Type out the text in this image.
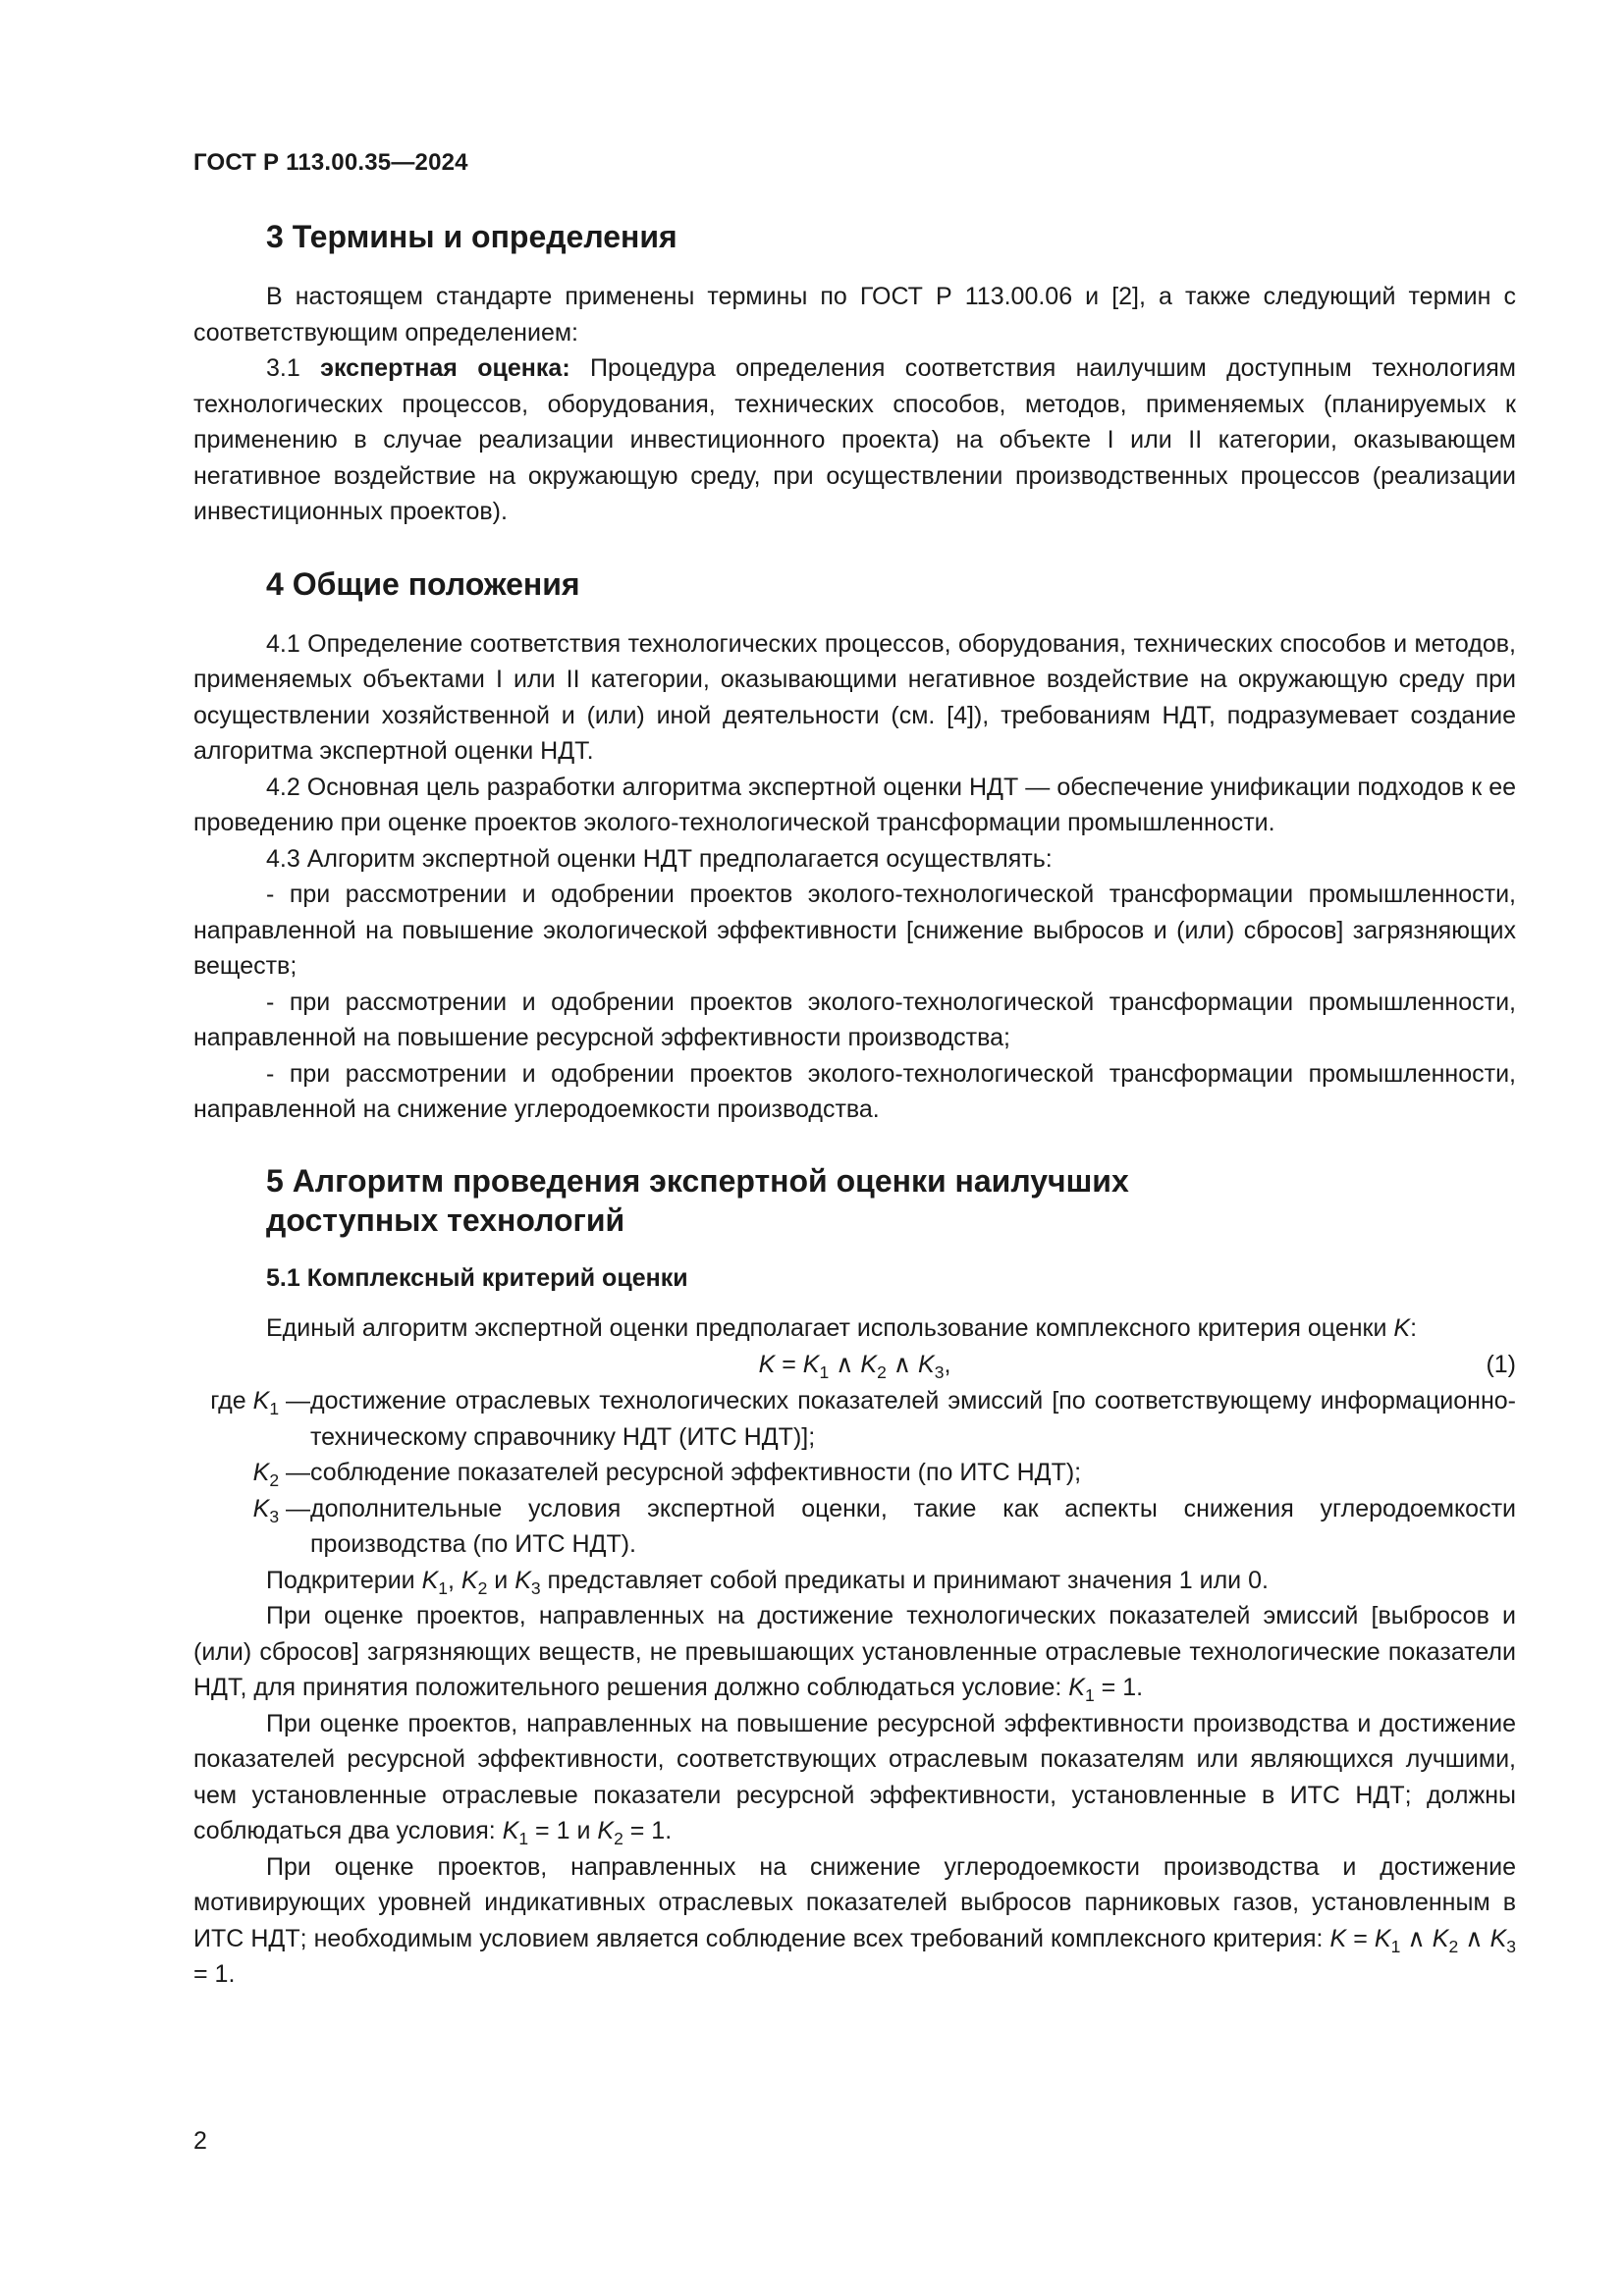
ГОСТ Р 113.00.35—2024
3 Термины и определения

В настоящем стандарте применены термины по ГОСТ Р 113.00.06 и [2], а также следующий термин с соответствующим определением:

3.1 экспертная оценка: Процедура определения соответствия наилучшим доступным технологиям технологических процессов, оборудования, технических способов, методов, применяемых (планируемых к применению в случае реализации инвестиционного проекта) на объекте I или II категории, оказывающем негативное воздействие на окружающую среду, при осуществлении производственных процессов (реализации инвестиционных проектов).

4 Общие положения

4.1 Определение соответствия технологических процессов, оборудования, технических способов и методов, применяемых объектами I или II категории, оказывающими негативное воздействие на окружающую среду при осуществлении хозяйственной и (или) иной деятельности (см. [4]), требованиям НДТ, подразумевает создание алгоритма экспертной оценки НДТ.

4.2 Основная цель разработки алгоритма экспертной оценки НДТ — обеспечение унификации подходов к ее проведению при оценке проектов эколого-технологической трансформации промышленности.

4.3 Алгоритм экспертной оценки НДТ предполагается осуществлять:

- при рассмотрении и одобрении проектов эколого-технологической трансформации промышленности, направленной на повышение экологической эффективности [снижение выбросов и (или) сбросов] загрязняющих веществ;

- при рассмотрении и одобрении проектов эколого-технологической трансформации промышленности, направленной на повышение ресурсной эффективности производства;

- при рассмотрении и одобрении проектов эколого-технологической трансформации промышленности, направленной на снижение углеродоемкости производства.

5 Алгоритм проведения экспертной оценки наилучших
доступных технологий
5.1 Комплексный критерий оценки

Единый алгоритм экспертной оценки предполагает использование комплексного критерия оценки K:

$K = K_1$ ∧ $K_2$ ∧ $K_3$,	(1)
где $K_1$ — достижение отраслевых технологических показателей эмиссий [по соответствующему информационно-техническому справочнику НДТ (ИТС НДТ)];
$K_2$ — соблюдение показателей ресурсной эффективности (по ИТС НДТ);
$K_3$ — дополнительные условия экспертной оценки, такие как аспекты снижения углеродоемкости производства (по ИТС НДТ).

Подкритерии $K_1$, $K_2$ и $K_3$ представляет собой предикаты и принимают значения 1 или 0.

При оценке проектов, направленных на достижение технологических показателей эмиссий [выбросов и (или) сбросов] загрязняющих веществ, не превышающих установленные отраслевые технологические показатели НДТ, для принятия положительного решения должно соблюдаться условие: $K_1 = 1$.

При оценке проектов, направленных на повышение ресурсной эффективности производства и достижение показателей ресурсной эффективности, соответствующих отраслевым показателям или являющихся лучшими, чем установленные отраслевые показатели ресурсной эффективности, установленные в ИТС НДТ; должны соблюдаться два условия: $K_1 = 1$ и $K_2 = 1$.

При оценке проектов, направленных на снижение углеродоемкости производства и достижение мотивирующих уровней индикативных отраслевых показателей выбросов парниковых газов, установленным в ИТС НДТ; необходимым условием является соблюдение всех требований комплексного критерия: $K = K_1$ ∧ $K_2$ ∧ $K_3 = 1$.

2
